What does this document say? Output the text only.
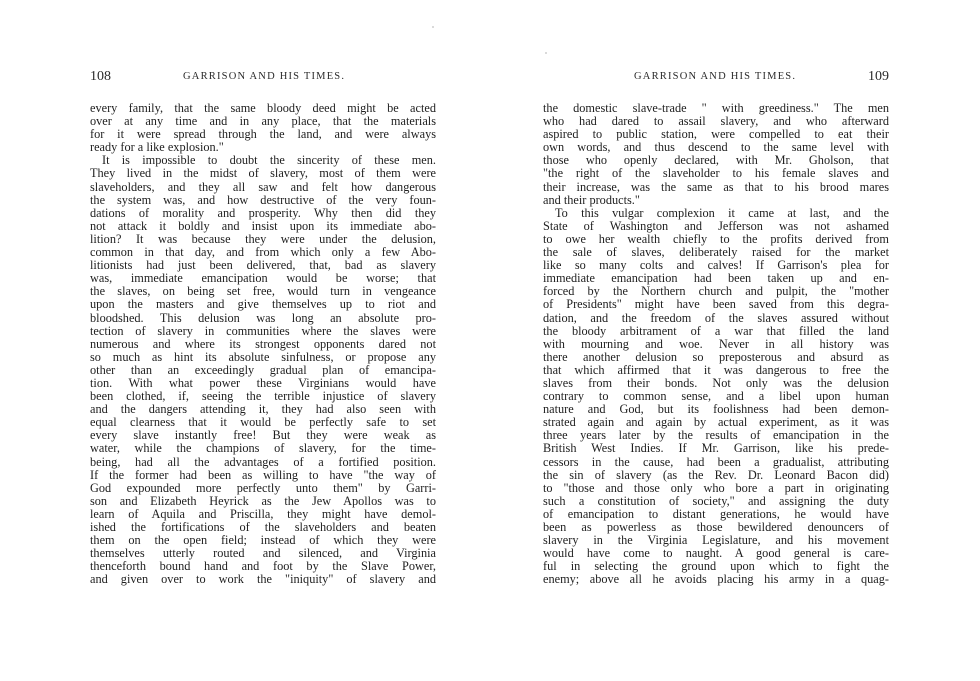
108	GARRISON AND HIS TIMES.
every family, that the same bloody deed might be acted
over at any time and in any place, that the materials
for it were spread through the land, and were always
ready for a like explosion."
It is impossible to doubt the sincerity of these men.
They lived in the midst of slavery, most of them were
slaveholders, and they all saw and felt how dangerous
the system was, and how destructive of the very foun-
dations of morality and prosperity. Why then did they
not attack it boldly and insist upon its immediate abo-
lition? It was because they were under the delusion,
common in that day, and from which only a few Abo-
litionists had just been delivered, that, bad as slavery
was, immediate emancipation would be worse; that
the slaves, on being set free, would turn in vengeance
upon the masters and give themselves up to riot and
bloodshed. This delusion was long an absolute pro-
tection of slavery in communities where the slaves were
numerous and where its strongest opponents dared not
so much as hint its absolute sinfulness, or propose any
other than an exceedingly gradual plan of emancipa-
tion. With what power these Virginians would have
been clothed, if, seeing the terrible injustice of slavery
and the dangers attending it, they had also seen with
equal clearness that it would be perfectly safe to set
every slave instantly free! But they were weak as
water, while the champions of slavery, for the time-
being, had all the advantages of a fortified position.
If the former had been as willing to have "the way of
God expounded more perfectly unto them" by Garri-
son and Elizabeth Heyrick as the Jew Apollos was to
learn of Aquila and Priscilla, they might have demol-
ished the fortifications of the slaveholders and beaten
them on the open field; instead of which they were
themselves utterly routed and silenced, and Virginia
thenceforth bound hand and foot by the Slave Power,
and given over to work the "iniquity" of slavery and
GARRISON AND HIS TIMES.	109
the domestic slave-trade " with greediness." The men
who had dared to assail slavery, and who afterward
aspired to public station, were compelled to eat their
own words, and thus descend to the same level with
those who openly declared, with Mr. Gholson, that
"the right of the slaveholder to his female slaves and
their increase, was the same as that to his brood mares
and their products."
To this vulgar complexion it came at last, and the
State of Washington and Jefferson was not ashamed
to owe her wealth chiefly to the profits derived from
the sale of slaves, deliberately raised for the market
like so many colts and calves! If Garrison's plea for
immediate emancipation had been taken up and en-
forced by the Northern church and pulpit, the "mother
of Presidents" might have been saved from this degra-
dation, and the freedom of the slaves assured without
the bloody arbitrament of a war that filled the land
with mourning and woe. Never in all history was
there another delusion so preposterous and absurd as
that which affirmed that it was dangerous to free the
slaves from their bonds. Not only was the delusion
contrary to common sense, and a libel upon human
nature and God, but its foolishness had been demon-
strated again and again by actual experiment, as it was
three years later by the results of emancipation in the
British West Indies. If Mr. Garrison, like his prede-
cessors in the cause, had been a gradualist, attributing
the sin of slavery (as the Rev. Dr. Leonard Bacon did)
to "those and those only who bore a part in originating
such a constitution of society," and assigning the duty
of emancipation to distant generations, he would have
been as powerless as those bewildered denouncers of
slavery in the Virginia Legislature, and his movement
would have come to naught. A good general is care-
ful in selecting the ground upon which to fight the
enemy; above all he avoids placing his army in a quag-
